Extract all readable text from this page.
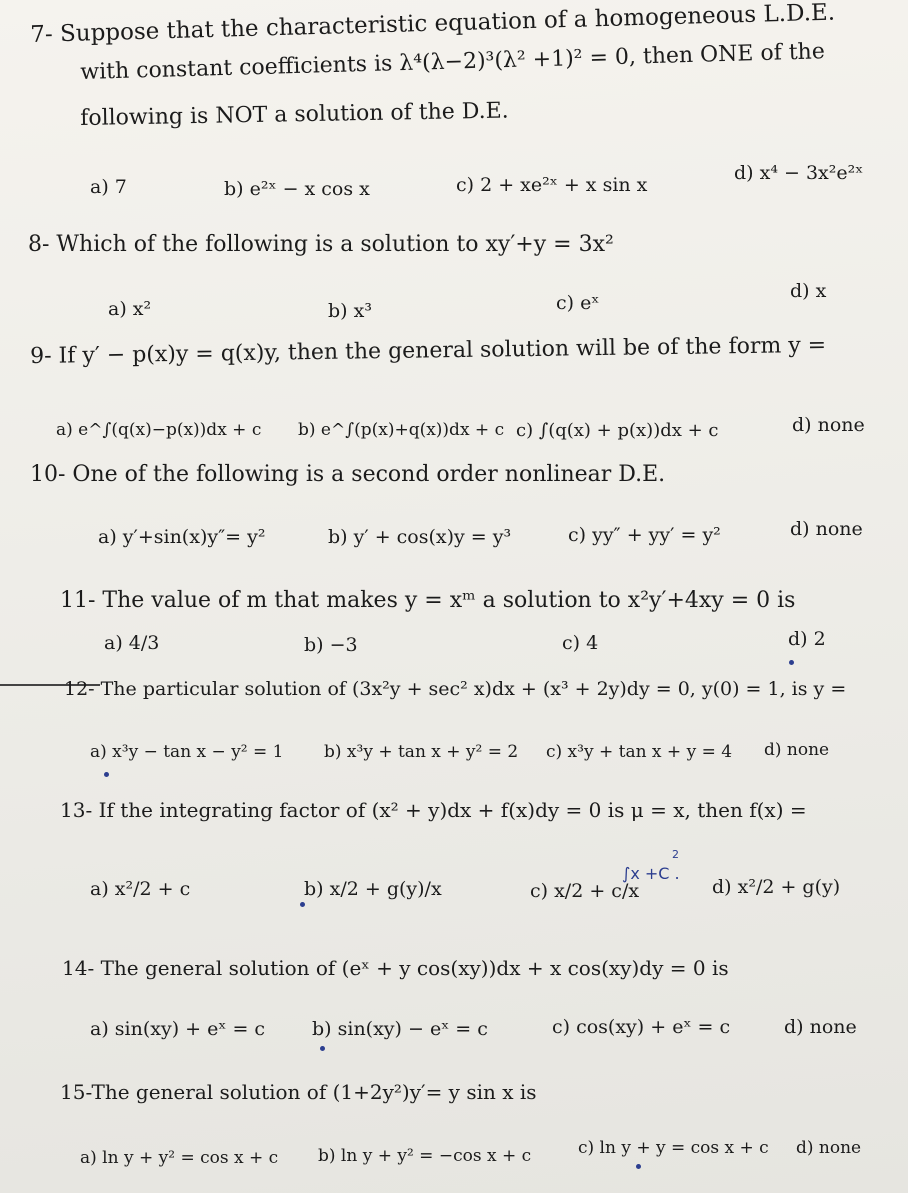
7- Suppose that the characteristic equation of a homogeneous L.D.E.
with constant coefficients is λ⁴(λ−2)³(λ² +1)² = 0, then ONE of the
following is NOT a solution of the D.E.
a) 7	b) e²ˣ − x cos x	c) 2 + xe²ˣ + x sin x
d) x⁴ − 3x²e²ˣ
8- Which of the following is a solution to xy′+y = 3x²
a) x²	b) x³	c) eˣ
d) x
9- If y′ − p(x)y = q(x)y, then the general solution will be of the form y =
a) e^∫(q(x)−p(x))dx + c b) e^∫(p(x)+q(x))dx + c c) ∫(q(x) + p(x))dx + c	d) none
10- One of the following is a second order nonlinear D.E.
a) y′+sin(x)y″= y²	b) y′ + cos(x)y = y³	c) yy″ + yy′ = y²	d) none
11- The value of m that makes y = xᵐ a solution to x²y′+4xy = 0 is
a) 4/3	b) −3	c) 4	d) 2
12- The particular solution of (3x²y + sec² x)dx + (x³ + 2y)dy = 0, y(0) = 1, is y =
a) x³y − tan x − y² = 1 b) x³y + tan x + y² = 2 c) x³y + tan x + y = 4 d) none
13- If the integrating factor of (x² + y)dx + f(x)dy = 0 is μ = x, then f(x) =
a) x²/2 + c	b) x/2 + g(y)/x	c) x/2 + c/x
∫x +C .
2
d) x²/2 + g(y)
14- The general solution of (eˣ + y cos(xy))dx + x cos(xy)dy = 0 is
a) sin(xy) + eˣ = c b) sin(xy) − eˣ = c	c) cos(xy) + eˣ = c	d) none
15-The general solution of (1+2y²)y′= y sin x is
a) ln y + y² = cos x + c b) ln y + y² = −cos x + c	c) ln y + y = cos x + c d) none
